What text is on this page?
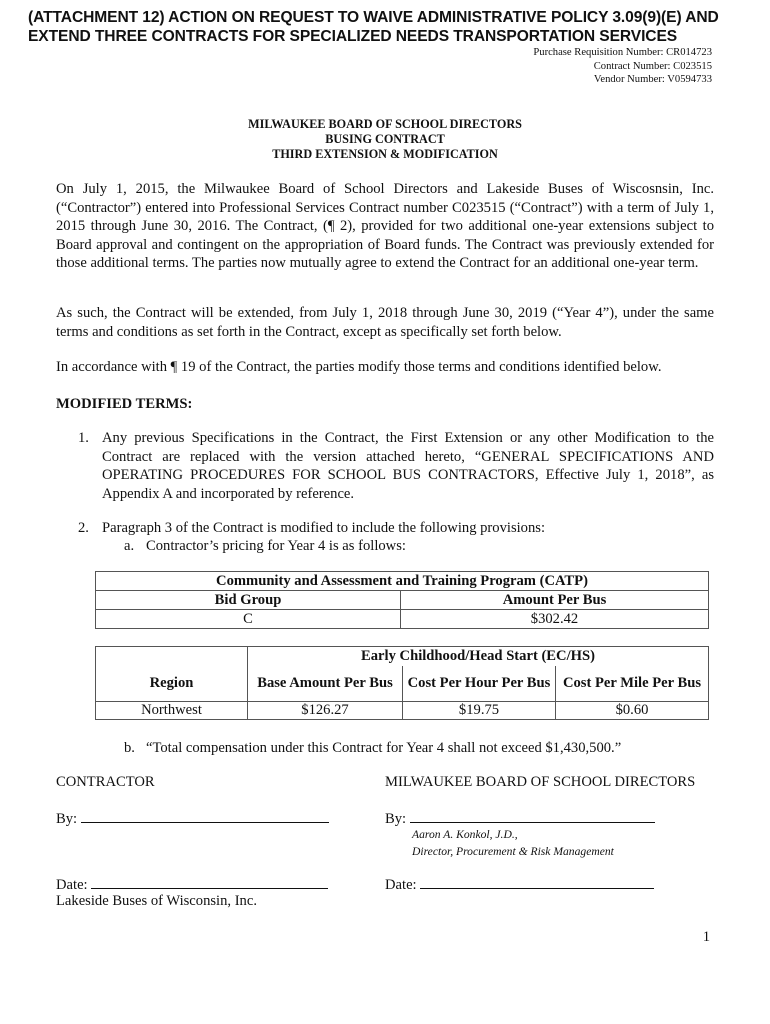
(ATTACHMENT 12) ACTION ON REQUEST TO WAIVE ADMINISTRATIVE POLICY 3.09(9)(E) AND EXTEND THREE CONTRACTS FOR SPECIALIZED NEEDS TRANSPORTATION SERVICES
Purchase Requisition Number: CR014723
Contract Number: C023515
Vendor Number: V0594733
MILWAUKEE BOARD OF SCHOOL DIRECTORS
BUSING CONTRACT
THIRD EXTENSION & MODIFICATION

On July 1, 2015, the Milwaukee Board of School Directors and Lakeside Buses of Wiscosnsin, Inc. (“Contractor”) entered into Professional Services Contract number C023515 (“Contract”) with a term of July 1, 2015 through June 30, 2016. The Contract, (¶ 2), provided for two additional one-year extensions subject to Board approval and contingent on the appropriation of Board funds. The Contract was previously extended for those additional terms. The parties now mutually agree to extend the Contract for an additional one-year term.

As such, the Contract will be extended, from July 1, 2018 through June 30, 2019 (“Year 4”), under the same terms and conditions as set forth in the Contract, except as specifically set forth below.

In accordance with ¶ 19 of the Contract, the parties modify those terms and conditions identified below.

MODIFIED TERMS:
1. Any previous Specifications in the Contract, the First Extension or any other Modification to the Contract are replaced with the version attached hereto, “GENERAL SPECIFICATIONS AND OPERATING PROCEDURES FOR SCHOOL BUS CONTRACTORS, Effective July 1, 2018”, as Appendix A and incorporated by reference.
2. Paragraph 3 of the Contract is modified to include the following provisions:
a. Contractor’s pricing for Year 4 is as follows:
Community and Assessment and Training Program (CATP)	
Bid Group	Amount Per Bus
C	$302.42
	Early Childhood/Head Start (EC/HS)		
Region	Base Amount Per Bus	Cost Per Hour Per Bus	Cost Per Mile Per Bus
Northwest	$126.27	$19.75	$0.60
b. “Total compensation under this Contract for Year 4 shall not exceed $1,430,500.”
CONTRACTOR	MILWAUKEE BOARD OF SCHOOL DIRECTORS
By:	By:
Aaron A. Konkol, J.D.,
Director, Procurement & Risk Management
Date:	Date:
Lakeside Buses of Wisconsin, Inc.
1
